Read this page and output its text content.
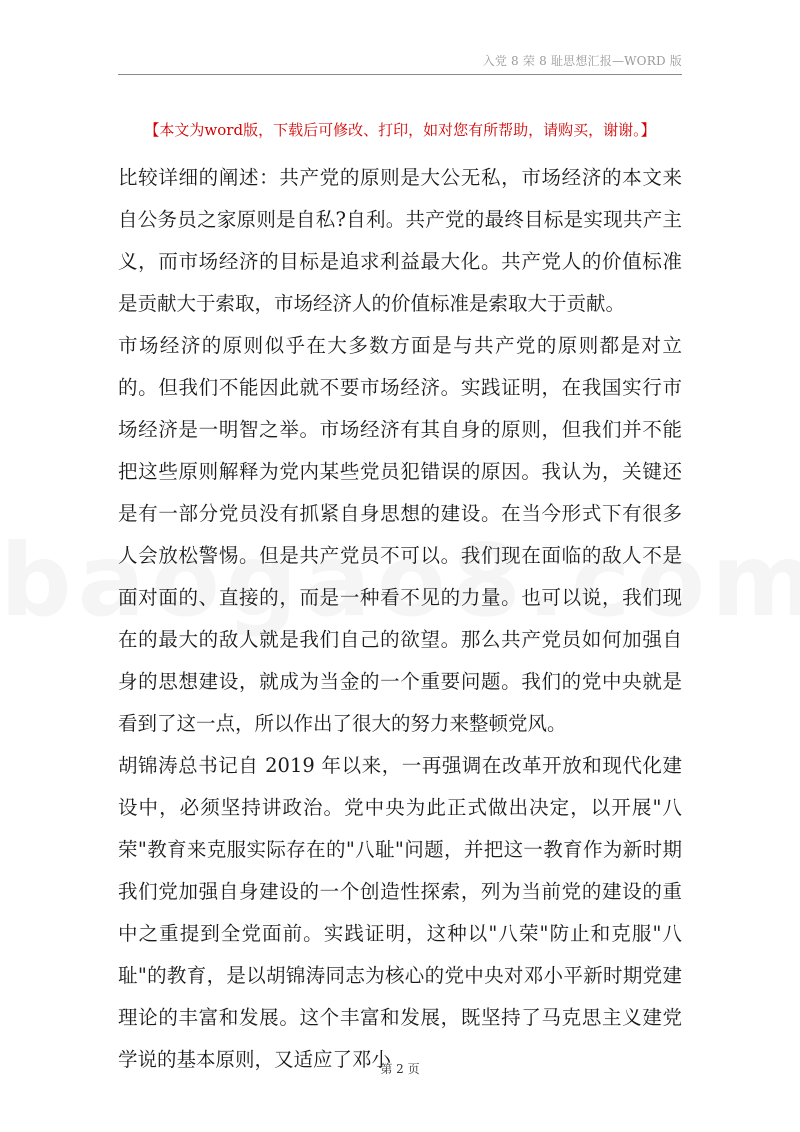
入党 8 荣 8 耻思想汇报—WORD 版
【本文为word版，下载后可修改、打印，如对您有所帮助，请购买，谢谢。】

比较详细的阐述：共产党的原则是大公无私，市场经济的本文来自公务员之家原则是自私?自利。共产党的最终目标是实现共产主义，而市场经济的目标是追求利益最大化。共产党人的价值标准是贡献大于索取，市场经济人的价值标准是索取大于贡献。

市场经济的原则似乎在大多数方面是与共产党的原则都是对立的。但我们不能因此就不要市场经济。实践证明，在我国实行市场经济是一明智之举。市场经济有其自身的原则，但我们并不能把这些原则解释为党内某些党员犯错误的原因。我认为，关键还是有一部分党员没有抓紧自身思想的建设。在当今形式下有很多人会放松警惕。但是共产党员不可以。我们现在面临的敌人不是面对面的、直接的，而是一种看不见的力量。也可以说，我们现在的最大的敌人就是我们自己的欲望。那么共产党员如何加强自身的思想建设，就成为当金的一个重要问题。我们的党中央就是看到了这一点，所以作出了很大的努力来整顿党风。

胡锦涛总书记自 2019 年以来，一再强调在改革开放和现代化建设中，必须坚持讲政治。党中央为此正式做出决定，以开展"八荣"教育来克服实际存在的"八耻"问题，并把这一教育作为新时期我们党加强自身建设的一个创造性探索，列为当前党的建设的重中之重提到全党面前。实践证明，这种以"八荣"防止和克服"八耻"的教育，是以胡锦涛同志为核心的党中央对邓小平新时期党建理论的丰富和发展。这个丰富和发展，既坚持了马克思主义建党学说的基本原则，又适应了邓小

第 2 页
